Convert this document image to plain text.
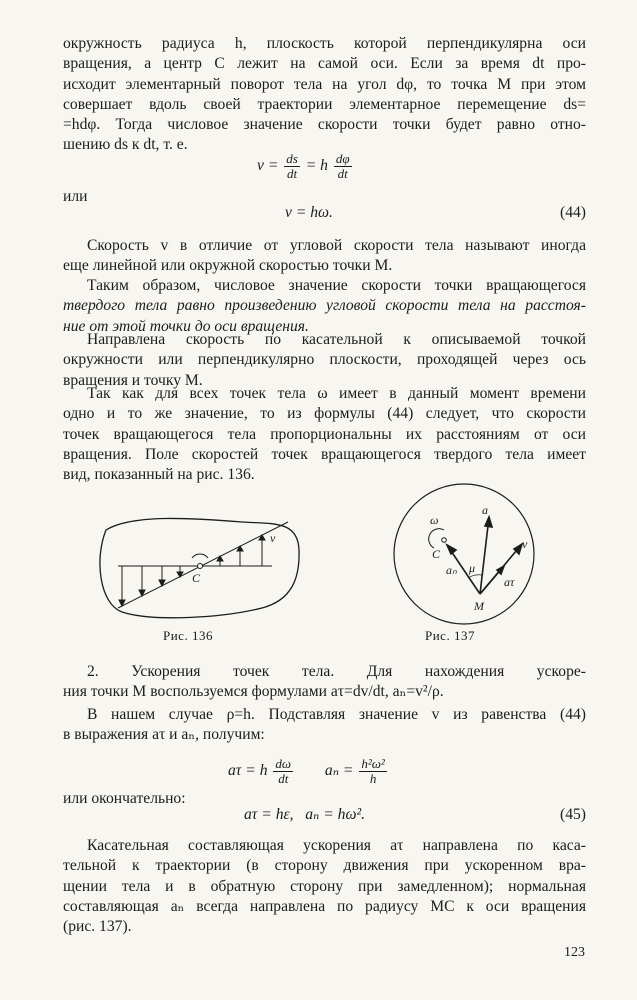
окружность радиуса h, плоскость которой перпендикулярна оси
вращения, а центр C лежит на самой оси. Если за время dt про-
исходит элементарный поворот тела на угол dφ, то точка M при этом
совершает вдоль своей траектории элементарное перемещение ds=
=hdφ. Тогда числовое значение скорости точки будет равно отно-
шению ds к dt, т. е.
$v = \frac{ds}{dt} = h \frac{d\varphi}{dt}$
или
v = hω.	(44)
Скорость v в отличие от угловой скорости тела называют иногда
еще линейной или окружной скоростью точки M.
Таким образом, числовое значение скорости точки вращающегося
твердого тела равно произведению угловой скорости тела на расстоя-
ние от этой точки до оси вращения.
Направлена скорость по касательной к описываемой точкой
окружности или перпендикулярно плоскости, проходящей через ось
вращения и точку M.
Так как для всех точек тела ω имеет в данный момент времени
одно и то же значение, то из формулы (44) следует, что скорости
точек вращающегося тела пропорциональны их расстояниям от оси
вращения. Поле скоростей точек вращающегося твердого тела имеет
вид, показанный на рис. 136.
C
v
Рис. 136
ω
C
a
v
aₙ
aτ
μ
M
Рис. 137
2. Ускорения точек тела. Для нахождения ускоре-
ния точки M воспользуемся формулами aτ=dv/dt, aₙ=v²/ρ.
В нашем случае ρ=h. Подставляя значение v из равенства (44)
в выражения aτ и aₙ, получим:
aτ = h $\frac{d\omega}{dt}$ $a_n = \frac{\text{h²ω²}}{h}$
или окончательно:
aτ = hε,   aₙ = hω².	(45)
Касательная составляющая ускорения aτ направлена по каса-
тельной к траектории (в сторону движения при ускоренном вра-
щении тела и в обратную сторону при замедленном); нормальная
составляющая aₙ всегда направлена по радиусу MC к оси вращения
(рис. 137).
123
